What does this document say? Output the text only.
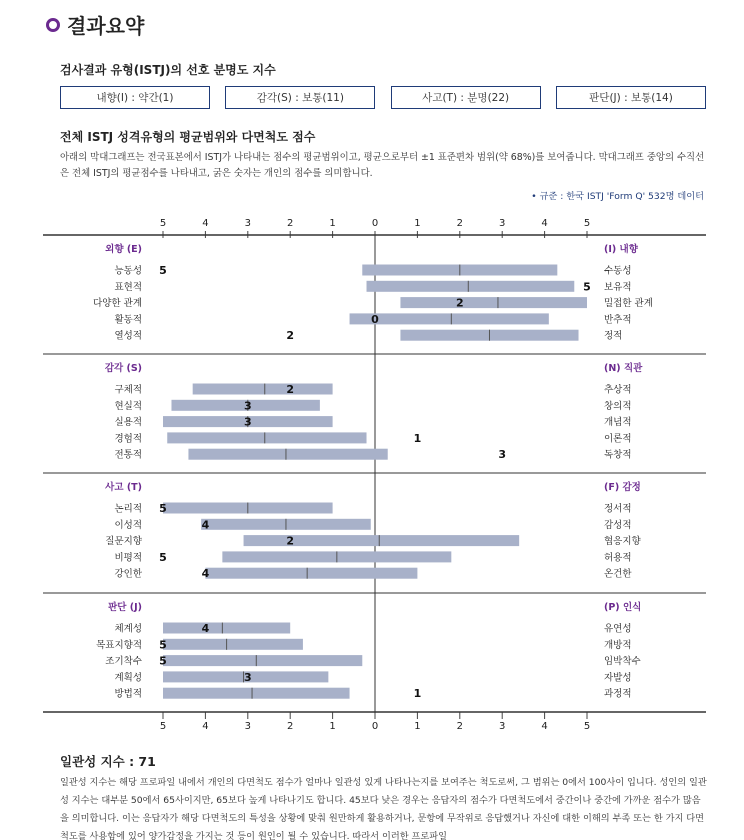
결과요약
검사결과 유형(ISTJ)의 선호 분명도 지수
내향(I) : 약간(1)	감각(S) : 보통(11)	사고(T) : 분명(22)	판단(J) : 보통(14)
전체 ISTJ 성격유형의 평균범위와 다면척도 점수
아래의 막대그래프는 전국표본에서 ISTJ가 나타내는 점수의 평균범위이고, 평균으로부터 ±1 표준편차 범위(약 68%)를 보여줍니다. 막대그래프 중앙의 수직선은 전체 ISTJ의 평균점수를 나타내고, 굵은 숫자는 개인의 점수를 의미합니다.
• 규준 : 한국 ISTJ 'Form Q' 532명 데이터
5
5
4
4
3
3
2
2
1
1
0
0
1
1
2
2
3
3
4
4
5
5
외향 (E)	(I) 내향
능동성	수동성
5
표현적	보유적
5
다양한 관계	밀접한 관계
2
활동적	반추적
0
열성적	정적
2
감각 (S)	(N) 직관
구체적	추상적
2
현실적	창의적
3
실용적	개념적
3
경험적	이론적
1
전통적	독창적
3
사고 (T)	(F) 감정
논리적	정서적
5
이성적	감성적
4
질문지향	협응지향
2
비평적	허용적
5
강인한	온건한
4
판단 (J)	(P) 인식
체계성	유연성
4
목표지향적	개방적
5
조기착수	임박착수
5
계획성	자발성
3
방법적	과정적
1
일관성 지수 : 71
일관성 지수는 해당 프로파일 내에서 개인의 다면척도 점수가 얼마나 일관성 있게 나타나는지를 보여주는 척도로써, 그 범위는 0에서 100사이 입니다. 성인의 일관성 지수는 대부분 50에서 65사이지만, 65보다 높게 나타나기도 합니다. 45보다 낮은 경우는 응답자의 점수가 다면척도에서 중간이나 중간에 가까운 점수가 많음을 의미합니다. 이는 응답자가 해당 다면척도의 특성을 상황에 맞춰 원만하게 활용하거나, 문항에 무작위로 응답했거나 자신에 대한 이해의 부족 또는 한 가지 다면척도를 사용함에 있어 양가감정을 가지는 것 등이 원인이 될 수 있습니다. 따라서 이러한 프로파일
